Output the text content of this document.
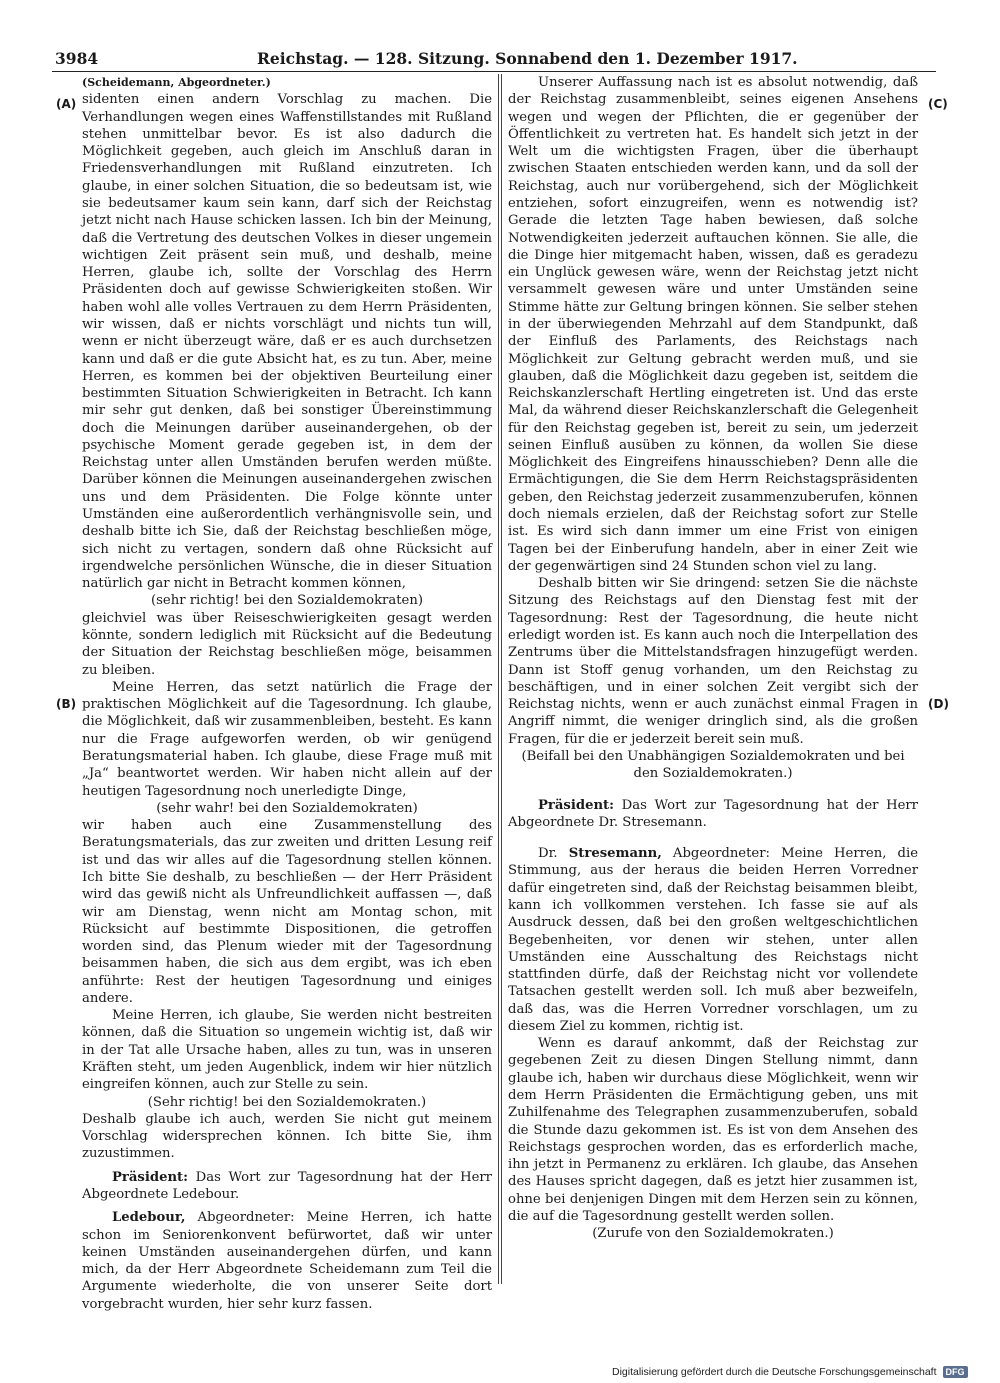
3984	Reichstag. — 128. Sitzung. Sonnabend den 1. Dezember 1917.
(A)
(B)
(C)
(D)

(Scheidemann, Abgeordneter.)

sidenten einen andern Vorschlag zu machen. Die Verhandlungen wegen eines Waffenstillstandes mit Rußland stehen unmittelbar bevor. Es ist also dadurch die Möglichkeit gegeben, auch gleich im Anschluß daran in Friedensverhandlungen mit Rußland einzutreten. Ich glaube, in einer solchen Situation, die so bedeutsam ist, wie sie bedeutsamer kaum sein kann, darf sich der Reichstag jetzt nicht nach Hause schicken lassen. Ich bin der Meinung, daß die Vertretung des deutschen Volkes in dieser ungemein wichtigen Zeit präsent sein muß, und deshalb, meine Herren, glaube ich, sollte der Vorschlag des Herrn Präsidenten doch auf gewisse Schwierigkeiten stoßen. Wir haben wohl alle volles Vertrauen zu dem Herrn Präsidenten, wir wissen, daß er nichts vorschlägt und nichts tun will, wenn er nicht überzeugt wäre, daß er es auch durchsetzen kann und daß er die gute Absicht hat, es zu tun. Aber, meine Herren, es kommen bei der objektiven Beurteilung einer bestimmten Situation Schwierigkeiten in Betracht. Ich kann mir sehr gut denken, daß bei sonstiger Übereinstimmung doch die Meinungen darüber auseinandergehen, ob der psychische Moment gerade gegeben ist, in dem der Reichstag unter allen Umständen berufen werden müßte. Darüber können die Meinungen auseinandergehen zwischen uns und dem Präsidenten. Die Folge könnte unter Umständen eine außerordentlich verhängnisvolle sein, und deshalb bitte ich Sie, daß der Reichstag beschließen möge, sich nicht zu vertagen, sondern daß ohne Rücksicht auf irgendwelche persönlichen Wünsche, die in dieser Situation natürlich gar nicht in Betracht kommen können,

(sehr richtig! bei den Sozialdemokraten)

gleichviel was über Reiseschwierigkeiten gesagt werden könnte, sondern lediglich mit Rücksicht auf die Bedeutung der Situation der Reichstag beschließen möge, beisammen zu bleiben.

Meine Herren, das setzt natürlich die Frage der praktischen Möglichkeit auf die Tagesordnung. Ich glaube, die Möglichkeit, daß wir zusammenbleiben, besteht. Es kann nur die Frage aufgeworfen werden, ob wir genügend Beratungsmaterial haben. Ich glaube, diese Frage muß mit „Ja“ beantwortet werden. Wir haben nicht allein auf der heutigen Tagesordnung noch unerledigte Dinge,

(sehr wahr! bei den Sozialdemokraten)

wir haben auch eine Zusammenstellung des Beratungsmaterials, das zur zweiten und dritten Lesung reif ist und das wir alles auf die Tagesordnung stellen können. Ich bitte Sie deshalb, zu beschließen — der Herr Präsident wird das gewiß nicht als Unfreundlichkeit auffassen —, daß wir am Dienstag, wenn nicht am Montag schon, mit Rücksicht auf bestimmte Dispositionen, die getroffen worden sind, das Plenum wieder mit der Tagesordnung beisammen haben, die sich aus dem ergibt, was ich eben anführte: Rest der heutigen Tagesordnung und einiges andere.

Meine Herren, ich glaube, Sie werden nicht bestreiten können, daß die Situation so ungemein wichtig ist, daß wir in der Tat alle Ursache haben, alles zu tun, was in unseren Kräften steht, um jeden Augenblick, indem wir hier nützlich eingreifen können, auch zur Stelle zu sein.

(Sehr richtig! bei den Sozialdemokraten.)

Deshalb glaube ich auch, werden Sie nicht gut meinem Vorschlag widersprechen können. Ich bitte Sie, ihm zuzustimmen.

Präsident: Das Wort zur Tagesordnung hat der Herr Abgeordnete Ledebour.

Ledebour, Abgeordneter: Meine Herren, ich hatte schon im Seniorenkonvent befürwortet, daß wir unter keinen Umständen auseinandergehen dürfen, und kann mich, da der Herr Abgeordnete Scheidemann zum Teil die Argumente wiederholte, die von unserer Seite dort vorgebracht wurden, hier sehr kurz fassen.

Unserer Auffassung nach ist es absolut notwendig, daß der Reichstag zusammenbleibt, seines eigenen Ansehens wegen und wegen der Pflichten, die er gegenüber der Öffentlichkeit zu vertreten hat. Es handelt sich jetzt in der Welt um die wichtigsten Fragen, über die überhaupt zwischen Staaten entschieden werden kann, und da soll der Reichstag, auch nur vorübergehend, sich der Möglichkeit entziehen, sofort einzugreifen, wenn es notwendig ist? Gerade die letzten Tage haben bewiesen, daß solche Notwendigkeiten jederzeit auftauchen können. Sie alle, die die Dinge hier mitgemacht haben, wissen, daß es geradezu ein Unglück gewesen wäre, wenn der Reichstag jetzt nicht versammelt gewesen wäre und unter Umständen seine Stimme hätte zur Geltung bringen können. Sie selber stehen in der überwiegenden Mehrzahl auf dem Standpunkt, daß der Einfluß des Parlaments, des Reichstags nach Möglichkeit zur Geltung gebracht werden muß, und sie glauben, daß die Möglichkeit dazu gegeben ist, seitdem die Reichskanzlerschaft Hertling eingetreten ist. Und das erste Mal, da während dieser Reichskanzlerschaft die Gelegenheit für den Reichstag gegeben ist, bereit zu sein, um jederzeit seinen Einfluß ausüben zu können, da wollen Sie diese Möglichkeit des Eingreifens hinausschieben? Denn alle die Ermächtigungen, die Sie dem Herrn Reichstagspräsidenten geben, den Reichstag jederzeit zusammenzuberufen, können doch niemals erzielen, daß der Reichstag sofort zur Stelle ist. Es wird sich dann immer um eine Frist von einigen Tagen bei der Einberufung handeln, aber in einer Zeit wie der gegenwärtigen sind 24 Stunden schon viel zu lang.

Deshalb bitten wir Sie dringend: setzen Sie die nächste Sitzung des Reichstags auf den Dienstag fest mit der Tagesordnung: Rest der Tagesordnung, die heute nicht erledigt worden ist. Es kann auch noch die Interpellation des Zentrums über die Mittelstandsfragen hinzugefügt werden. Dann ist Stoff genug vorhanden, um den Reichstag zu beschäftigen, und in einer solchen Zeit vergibt sich der Reichstag nichts, wenn er auch zunächst einmal Fragen in Angriff nimmt, die weniger dringlich sind, als die großen Fragen, für die er jederzeit bereit sein muß.

(Beifall bei den Unabhängigen Sozialdemokraten und bei den Sozialdemokraten.)

Präsident: Das Wort zur Tagesordnung hat der Herr Abgeordnete Dr. Stresemann.

Dr. Stresemann, Abgeordneter: Meine Herren, die Stimmung, aus der heraus die beiden Herren Vorredner dafür eingetreten sind, daß der Reichstag beisammen bleibt, kann ich vollkommen verstehen. Ich fasse sie auf als Ausdruck dessen, daß bei den großen weltgeschichtlichen Begebenheiten, vor denen wir stehen, unter allen Umständen eine Ausschaltung des Reichstags nicht stattfinden dürfe, daß der Reichstag nicht vor vollendete Tatsachen gestellt werden soll. Ich muß aber bezweifeln, daß das, was die Herren Vorredner vorschlagen, um zu diesem Ziel zu kommen, richtig ist.

Wenn es darauf ankommt, daß der Reichstag zur gegebenen Zeit zu diesen Dingen Stellung nimmt, dann glaube ich, haben wir durchaus diese Möglichkeit, wenn wir dem Herrn Präsidenten die Ermächtigung geben, uns mit Zuhilfenahme des Telegraphen zusammenzuberufen, sobald die Stunde dazu gekommen ist. Es ist von dem Ansehen des Reichstags gesprochen worden, das es erforderlich mache, ihn jetzt in Permanenz zu erklären. Ich glaube, das Ansehen des Hauses spricht dagegen, daß es jetzt hier zusammen ist, ohne bei denjenigen Dingen mit dem Herzen sein zu können, die auf die Tagesordnung gestellt werden sollen.

(Zurufe von den Sozialdemokraten.)

Digitalisierung gefördert durch die Deutsche Forschungsgemeinschaft	DFG
